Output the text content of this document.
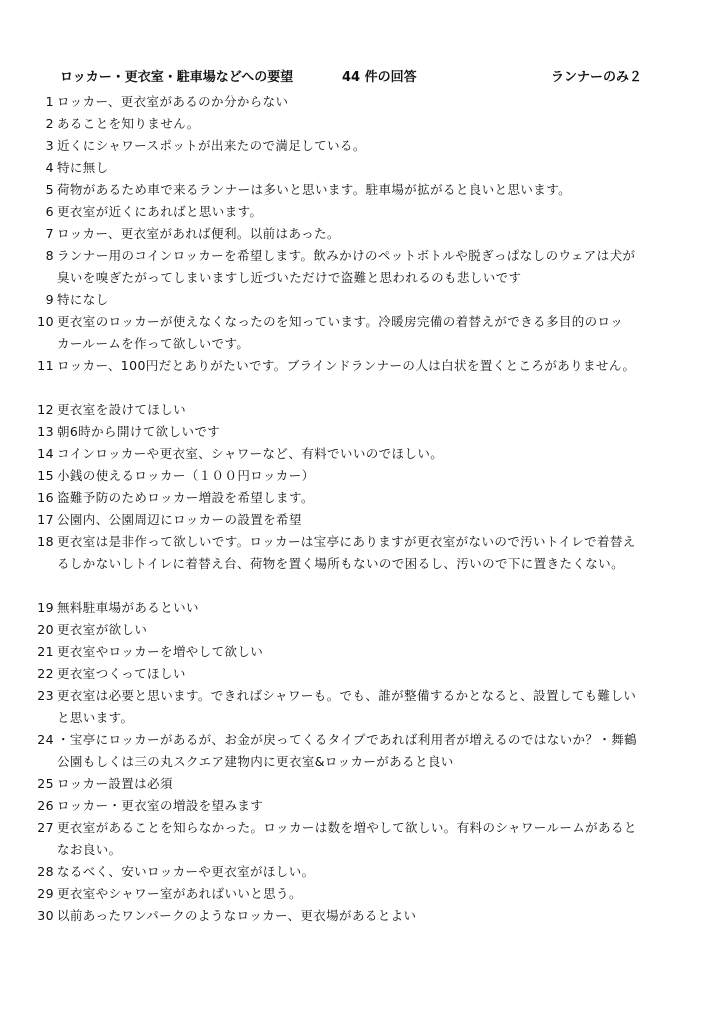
ロッカー・更衣室・駐車場などへの要望	44 件の回答	ランナーのみ２
1 ロッカー、更衣室があるのか分からない
2 あることを知りません。
3 近くにシャワースポットが出来たので満足している。
4 特に無し
5 荷物があるため車で来るランナーは多いと思います。駐車場が拡がると良いと思います。
6 更衣室が近くにあればと思います。
7 ロッカー、更衣室があれば便利。以前はあった。
8 ランナー用のコインロッカーを希望します。飲みかけのペットボトルや脱ぎっぱなしのウェアは犬が
臭いを嗅ぎたがってしまいますし近づいただけで盗難と思われるのも悲しいです
9 特になし
10 更衣室のロッカーが使えなくなったのを知っています。冷暖房完備の着替えができる多目的のロッ
カールームを作って欲しいです。
11 ロッカー、100円だとありがたいです。ブラインドランナーの人は白状を置くところがありません。
12 更衣室を設けてほしい
13 朝6時から開けて欲しいです
14 コインロッカーや更衣室、シャワーなど、有料でいいのでほしい。
15 小銭の使えるロッカー（１００円ロッカー）
16 盗難予防のためロッカー増設を希望します。
17 公園内、公園周辺にロッカーの設置を希望
18 更衣室は是非作って欲しいです。ロッカーは宝亭にありますが更衣室がないので汚いトイレで着替え
るしかないしトイレに着替え台、荷物を置く場所もないので困るし、汚いので下に置きたくない。
19 無料駐車場があるといい
20 更衣室が欲しい
21 更衣室やロッカーを増やして欲しい
22 更衣室つくってほしい
23 更衣室は必要と思います。できればシャワーも。でも、誰が整備するかとなると、設置しても難しい
と思います。
24 ・宝亭にロッカーがあるが、お金が戻ってくるタイプであれば利用者が増えるのではないか？・舞鶴
公園もしくは三の丸スクエア建物内に更衣室&ロッカーがあると良い
25 ロッカー設置は必須
26 ロッカー・更衣室の増設を望みます
27 更衣室があることを知らなかった。ロッカーは数を増やして欲しい。有料のシャワールームがあると
なお良い。
28 なるべく、安いロッカーや更衣室がほしい。
29 更衣室やシャワー室があればいいと思う。
30 以前あったワンパークのようなロッカー、更衣場があるとよい
